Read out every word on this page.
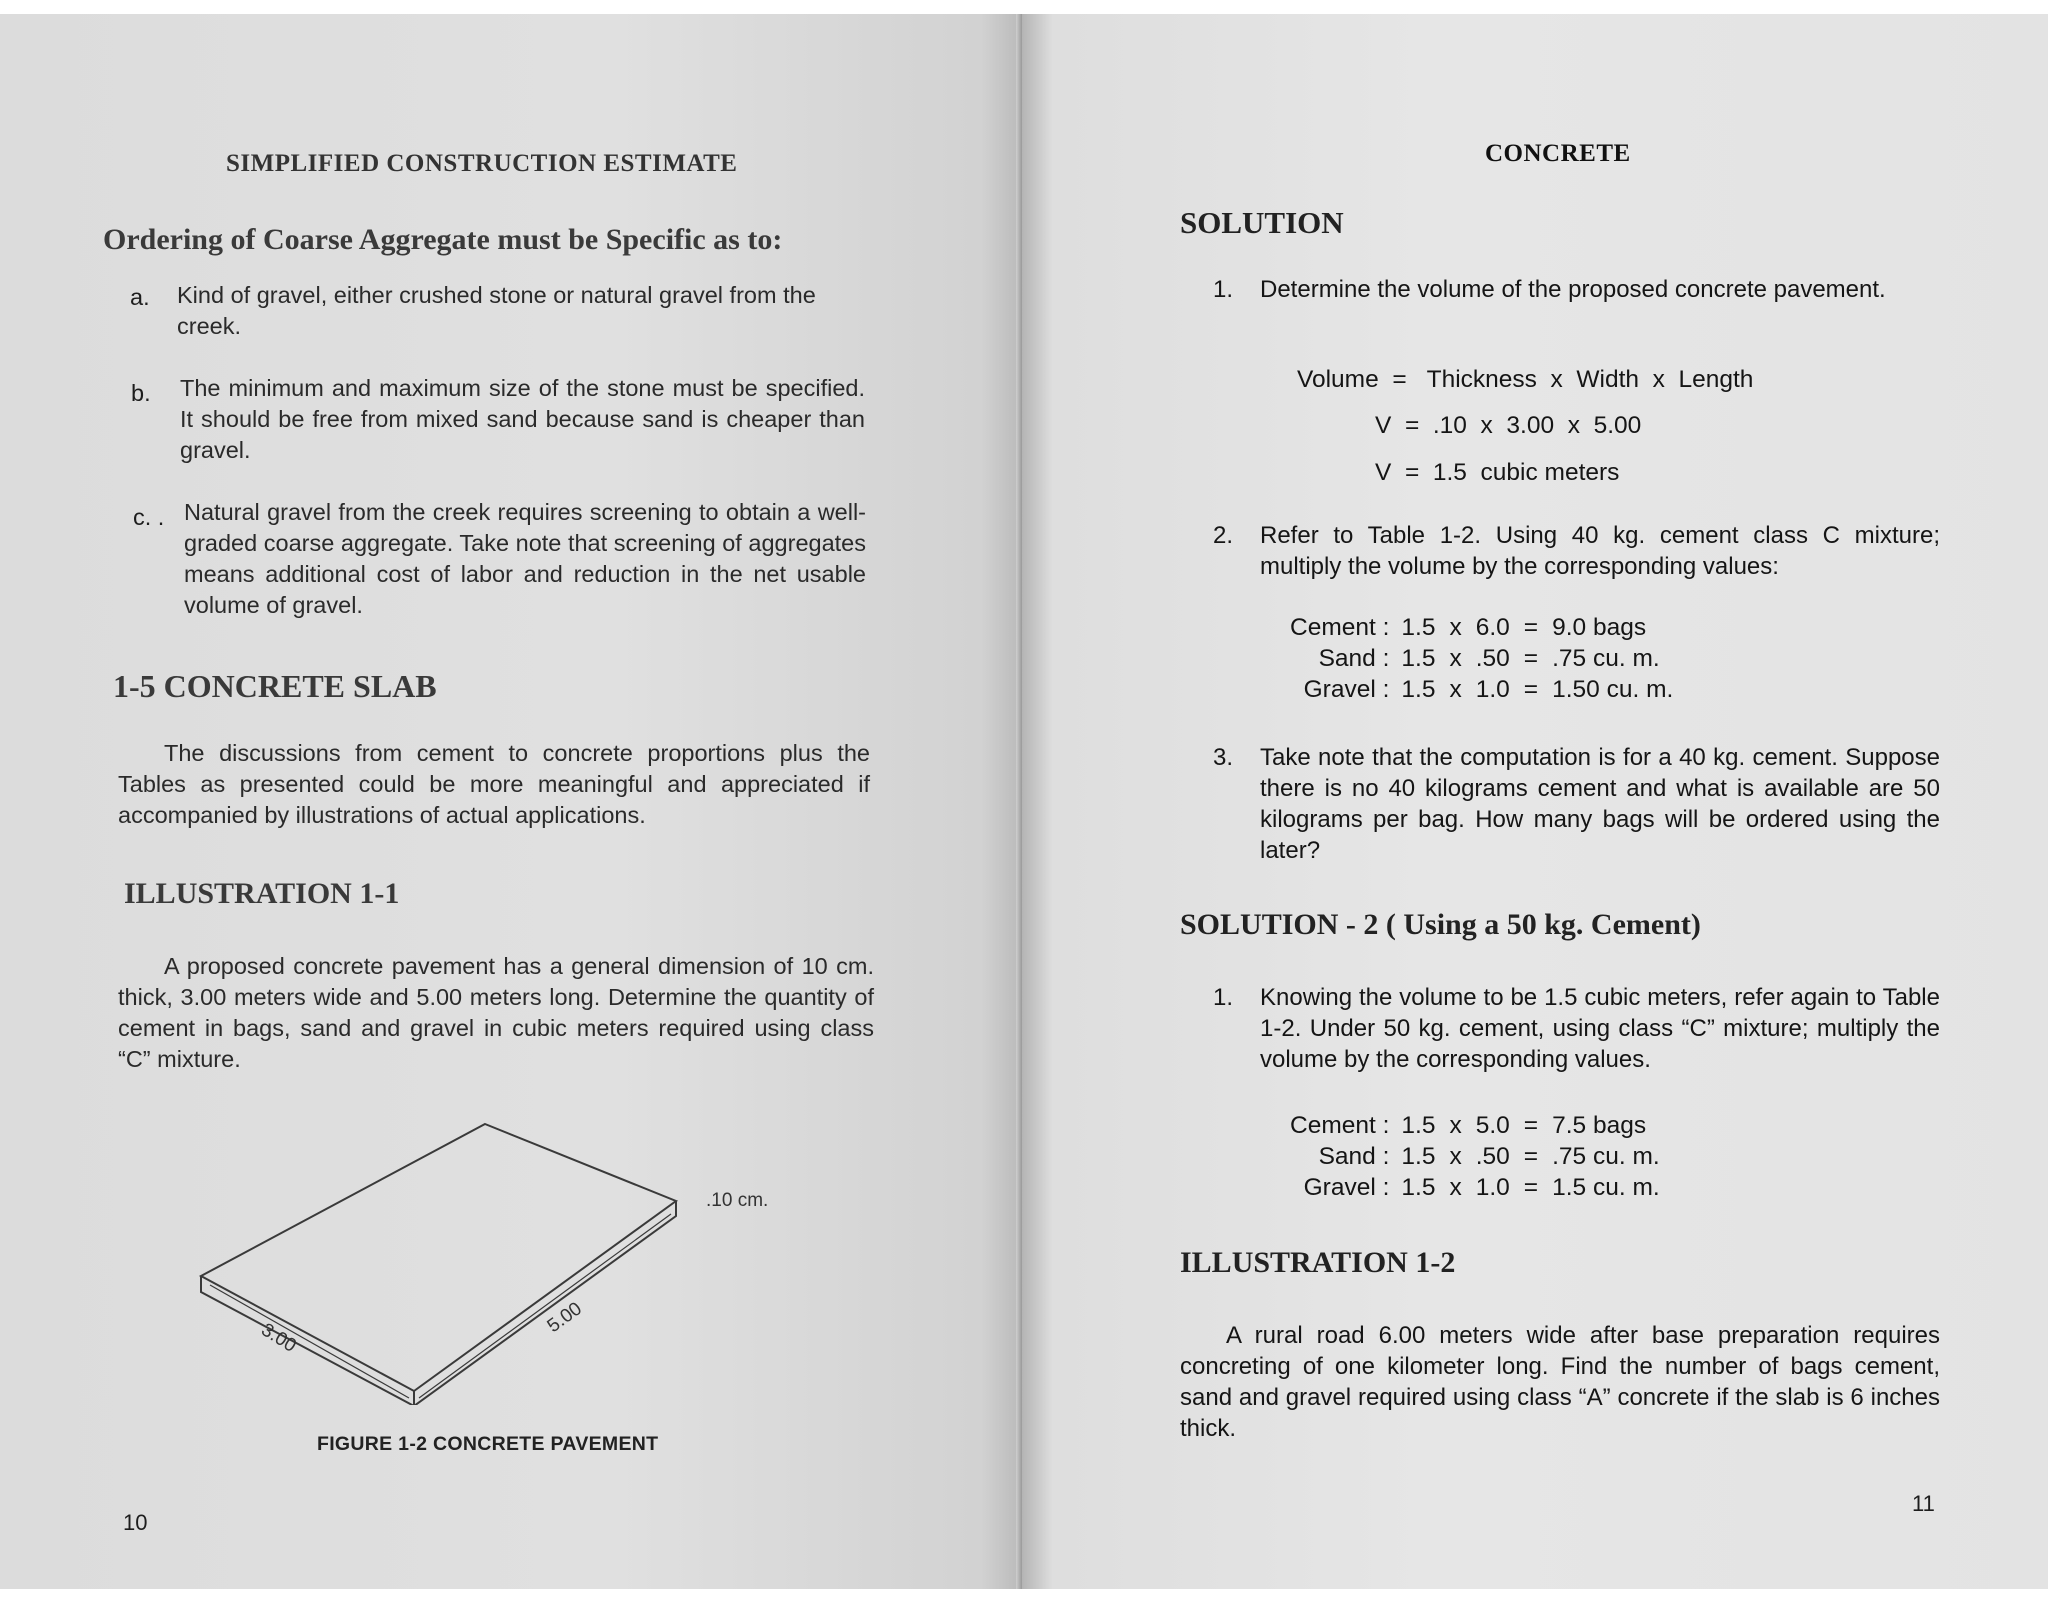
SIMPLIFIED CONSTRUCTION ESTIMATE
Ordering of Coarse Aggregate must be Specific as to:
a. Kind of gravel, either crushed stone or natural gravel from the creek.
b. The minimum and maximum size of the stone must be specified. It should be free from mixed sand because sand is cheaper than gravel.
c. . Natural gravel from the creek requires screening to obtain a well-graded coarse aggregate. Take note that screening of aggregates means additional cost of labor and reduction in the net usable volume of gravel.
1-5 CONCRETE SLAB
The discussions from cement to concrete proportions plus the Tables as presented could be more meaningful and appreciated if accompanied by illustrations of actual applications.
ILLUSTRATION 1-1
A proposed concrete pavement has a general dimension of 10 cm. thick, 3.00 meters wide and 5.00 meters long. Determine the quantity of cement in bags, sand and gravel in cubic meters required using class “C” mixture.
.10 cm.
3.00
5.00
FIGURE 1-2 CONCRETE PAVEMENT
10
CONCRETE
SOLUTION
1. Determine the volume of the proposed concrete pavement.
Volume  =   Thickness  x  Width  x  Length
V  =  .10  x  3.00  x  5.00
V  =  1.5  cubic meters
2. Refer to Table 1-2. Using 40 kg. cement class C mixture; multiply the volume by the corresponding values:
Cement :	1.5	x	6.0	=	9.0 bags
Sand :	1.5	x	.50	=	.75 cu. m.
Gravel :	1.5	x	1.0	=	1.50 cu. m.
3. Take note that the computation is for a 40 kg. cement. Suppose there is no 40 kilograms cement and what is available are 50 kilograms per bag. How many bags will be ordered using the later?
SOLUTION - 2 ( Using a 50 kg. Cement)
1. Knowing the volume to be 1.5 cubic meters, refer again to Table 1-2. Under 50 kg. cement, using class “C” mixture; multiply the volume by the corresponding values.
Cement :	1.5	x	5.0	=	7.5 bags
Sand :	1.5	x	.50	=	.75 cu. m.
Gravel :	1.5	x	1.0	=	1.5 cu. m.
ILLUSTRATION 1-2
A rural road 6.00 meters wide after base preparation requires concreting of one kilometer long. Find the number of bags cement, sand and gravel required using class “A” concrete if the slab is 6 inches thick.
11
